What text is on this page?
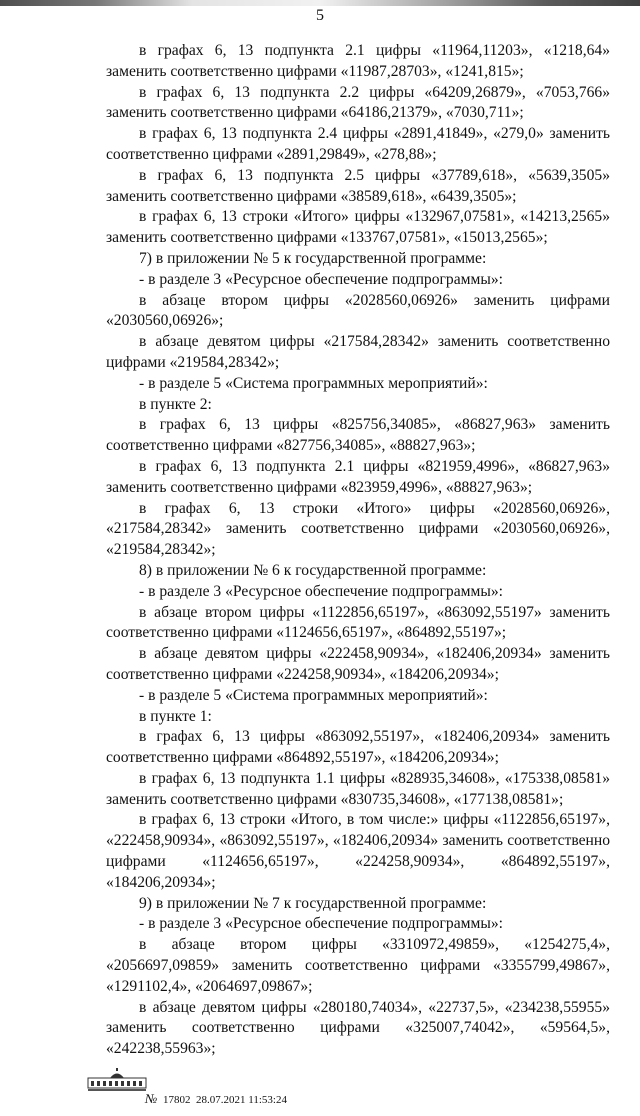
5

в графах 6, 13 подпункта 2.1 цифры «11964,11203», «1218,64» заменить соответственно цифрами «11987,28703», «1241,815»;

в графах 6, 13 подпункта 2.2 цифры «64209,26879», «7053,766» заменить соответственно цифрами «64186,21379», «7030,711»;

в графах 6, 13 подпункта 2.4 цифры «2891,41849», «279,0» заменить соответственно цифрами «2891,29849», «278,88»;

в графах 6, 13 подпункта 2.5 цифры «37789,618», «5639,3505» заменить соответственно цифрами «38589,618», «6439,3505»;

в графах 6, 13 строки «Итого» цифры «132967,07581», «14213,2565» заменить соответственно цифрами «133767,07581», «15013,2565»;

7) в приложении № 5 к государственной программе:

- в разделе 3 «Ресурсное обеспечение подпрограммы»:

в абзаце втором цифры «2028560,06926» заменить цифрами «2030560,06926»;

в абзаце девятом цифры «217584,28342» заменить соответственно цифрами «219584,28342»;

- в разделе 5 «Система программных мероприятий»:

в пункте 2:

в графах 6, 13 цифры «825756,34085», «86827,963» заменить соответственно цифрами «827756,34085», «88827,963»;

в графах 6, 13 подпункта 2.1 цифры «821959,4996», «86827,963» заменить соответственно цифрами «823959,4996», «88827,963»;

в графах 6, 13 строки «Итого» цифры «2028560,06926», «217584,28342» заменить соответственно цифрами «2030560,06926», «219584,28342»;

8) в приложении № 6 к государственной программе:

- в разделе 3 «Ресурсное обеспечение подпрограммы»:

в абзаце втором цифры «1122856,65197», «863092,55197» заменить соответственно цифрами «1124656,65197», «864892,55197»;

в абзаце девятом цифры «222458,90934», «182406,20934» заменить соответственно цифрами «224258,90934», «184206,20934»;

- в разделе 5 «Система программных мероприятий»:

в пункте 1:

в графах 6, 13 цифры «863092,55197», «182406,20934» заменить соответственно цифрами «864892,55197», «184206,20934»;

в графах 6, 13 подпункта 1.1 цифры «828935,34608», «175338,08581» заменить соответственно цифрами «830735,34608», «177138,08581»;

в графах 6, 13 строки «Итого, в том числе:» цифры «1122856,65197», «222458,90934», «863092,55197», «182406,20934» заменить соответственно цифрами «1124656,65197», «224258,90934», «864892,55197», «184206,20934»;

9) в приложении № 7 к государственной программе:

- в разделе 3 «Ресурсное обеспечение подпрограммы»:

в абзаце втором цифры «3310972,49859», «1254275,4», «2056697,09859» заменить соответственно цифрами «3355799,49867», «1291102,4», «2064697,09867»;

в абзаце девятом цифры «280180,74034», «22737,5», «234238,55955» заменить соответственно цифрами «325007,74042», «59564,5», «242238,55963»;

№ 17802 28.07.2021 11:53:24
